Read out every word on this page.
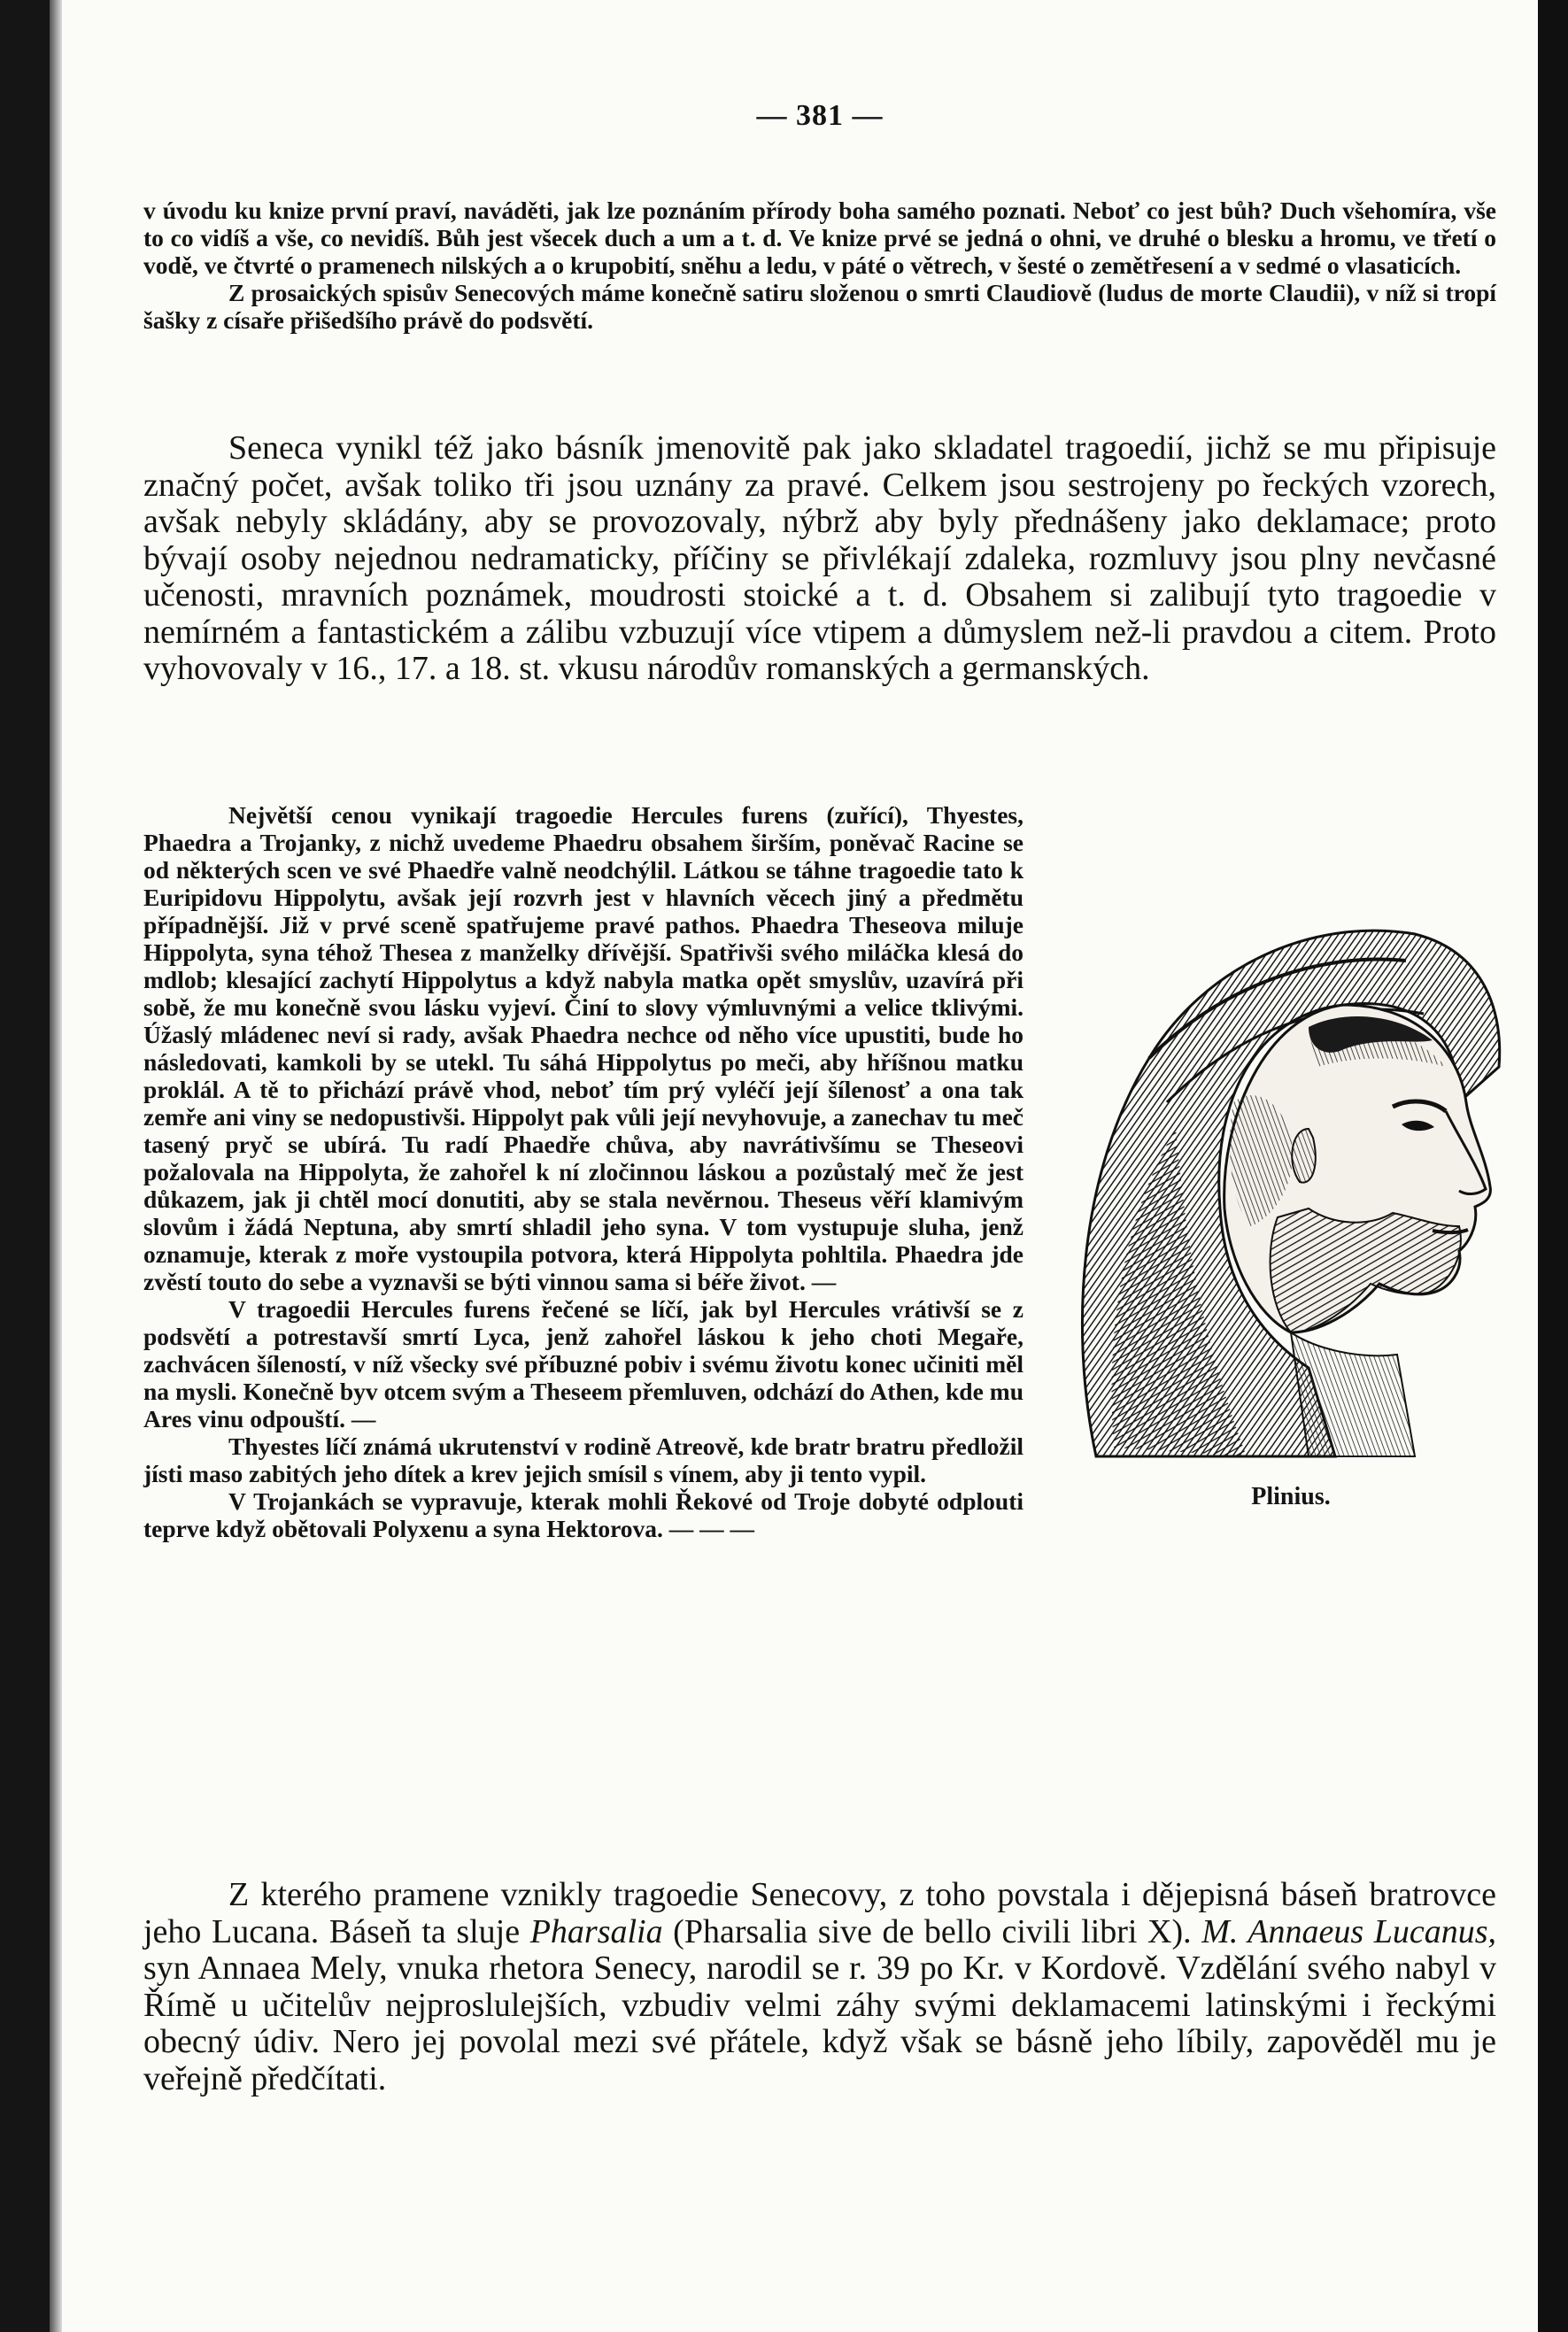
— 381 —

v úvodu ku knize první praví, naváděti, jak lze poznáním přírody boha samého poznati. Neboť co jest bůh? Duch všehomíra, vše to co vidíš a vše, co nevidíš. Bůh jest všecek duch a um a t. d. Ve knize prvé se jedná o ohni, ve druhé o blesku a hromu, ve třetí o vodě, ve čtvrté o pramenech nilských a o krupobití, sněhu a ledu, v páté o větrech, v šesté o zemětřesení a v sedmé o vlasaticích.

Z prosaických spisův Senecových máme konečně satiru složenou o smrti Claudiově (ludus de morte Claudii), v níž si tropí šašky z císaře přišedšího právě do podsvětí.

Seneca vynikl též jako básník jmenovitě pak jako skladatel tragoedií, jichž se mu připisuje značný počet, avšak toliko tři jsou uznány za pravé. Celkem jsou sestrojeny po řeckých vzorech, avšak nebyly skládány, aby se provozovaly, nýbrž aby byly přednášeny jako deklamace; proto bývají osoby nejednou nedramaticky, příčiny se přivlékají zdaleka, rozmluvy jsou plny nevčasné učenosti, mravních poznámek, moudrosti stoické a t. d. Obsahem si zalibují tyto tragoedie v nemírném a fantastickém a zálibu vzbuzují více vtipem a důmyslem než-li pravdou a citem. Proto vyhovovaly v 16., 17. a 18. st. vkusu národův romanských a germanských.

Plinius.

Největší cenou vynikají tragoedie Hercules furens (zuřící), Thyestes, Phaedra a Trojanky, z nichž uvedeme Phaedru obsahem širším, poněvač Racine se od některých scen ve své Phaedře valně neodchýlil. Látkou se táhne tragoedie tato k Euripidovu Hippolytu, avšak její rozvrh jest v hlavních věcech jiný a předmětu případnější. Již v prvé sceně spatřujeme pravé pathos. Phaedra Theseova miluje Hippolyta, syna téhož Thesea z manželky dřívější. Spatřivši svého miláčka klesá do mdlob; klesající zachytí Hippolytus a když nabyla matka opět smyslův, uzavírá při sobě, že mu konečně svou lásku vyjeví. Činí to slovy výmluvnými a velice tklivými. Úžaslý mládenec neví si rady, avšak Phaedra nechce od něho více upustiti, bude ho následovati, kamkoli by se utekl. Tu sáhá Hippolytus po meči, aby hříšnou matku proklál. A tě to přichází právě vhod, neboť tím prý vyléčí její šílenosť a ona tak zemře ani viny se nedopustivši. Hippolyt pak vůli její nevyhovuje, a zanechav tu meč tasený pryč se ubírá. Tu radí Phaedře chůva, aby navrátivšímu se Theseovi požalovala na Hippolyta, že zahořel k ní zločinnou láskou a pozůstalý meč že jest důkazem, jak ji chtěl mocí donutiti, aby se stala nevěrnou. Theseus věří klamivým slovům i žádá Neptuna, aby smrtí shladil jeho syna. V tom vystupuje sluha, jenž oznamuje, kterak z moře vystoupila potvora, která Hippolyta pohltila. Phaedra jde zvěstí touto do sebe a vyznavši se býti vinnou sama si béře život. —

V tragoedii Hercules furens řečené se líčí, jak byl Hercules vrátivší se z podsvětí a potrestavší smrtí Lyca, jenž zahořel láskou k jeho choti Megaře, zachvácen šíleností, v níž všecky své příbuzné pobiv i svému životu konec učiniti měl na mysli. Konečně byv otcem svým a Theseem přemluven, odchází do Athen, kde mu Ares vinu odpouští. —

Thyestes líčí známá ukrutenství v rodině Atreově, kde bratr bratru předložil jísti maso zabitých jeho dítek a krev jejich smísil s vínem, aby ji tento vypil.

V Trojankách se vypravuje, kterak mohli Řekové od Troje dobyté odplouti teprve když obětovali Polyxenu a syna Hektorova. — — —

Z kterého pramene vznikly tragoedie Senecovy, z toho povstala i dějepisná báseň bratrovce jeho Lucana. Báseň ta sluje Pharsalia (Pharsalia sive de bello civili libri X). M. Annaeus Lucanus, syn Annaea Mely, vnuka rhetora Senecy, narodil se r. 39 po Kr. v Kordově. Vzdělání svého nabyl v Římě u učitelův nejproslulejších, vzbudiv velmi záhy svými deklamacemi latinskými i řeckými obecný údiv. Nero jej povolal mezi své přátele, když však se básně jeho líbily, zapověděl mu je veřejně předčítati.
